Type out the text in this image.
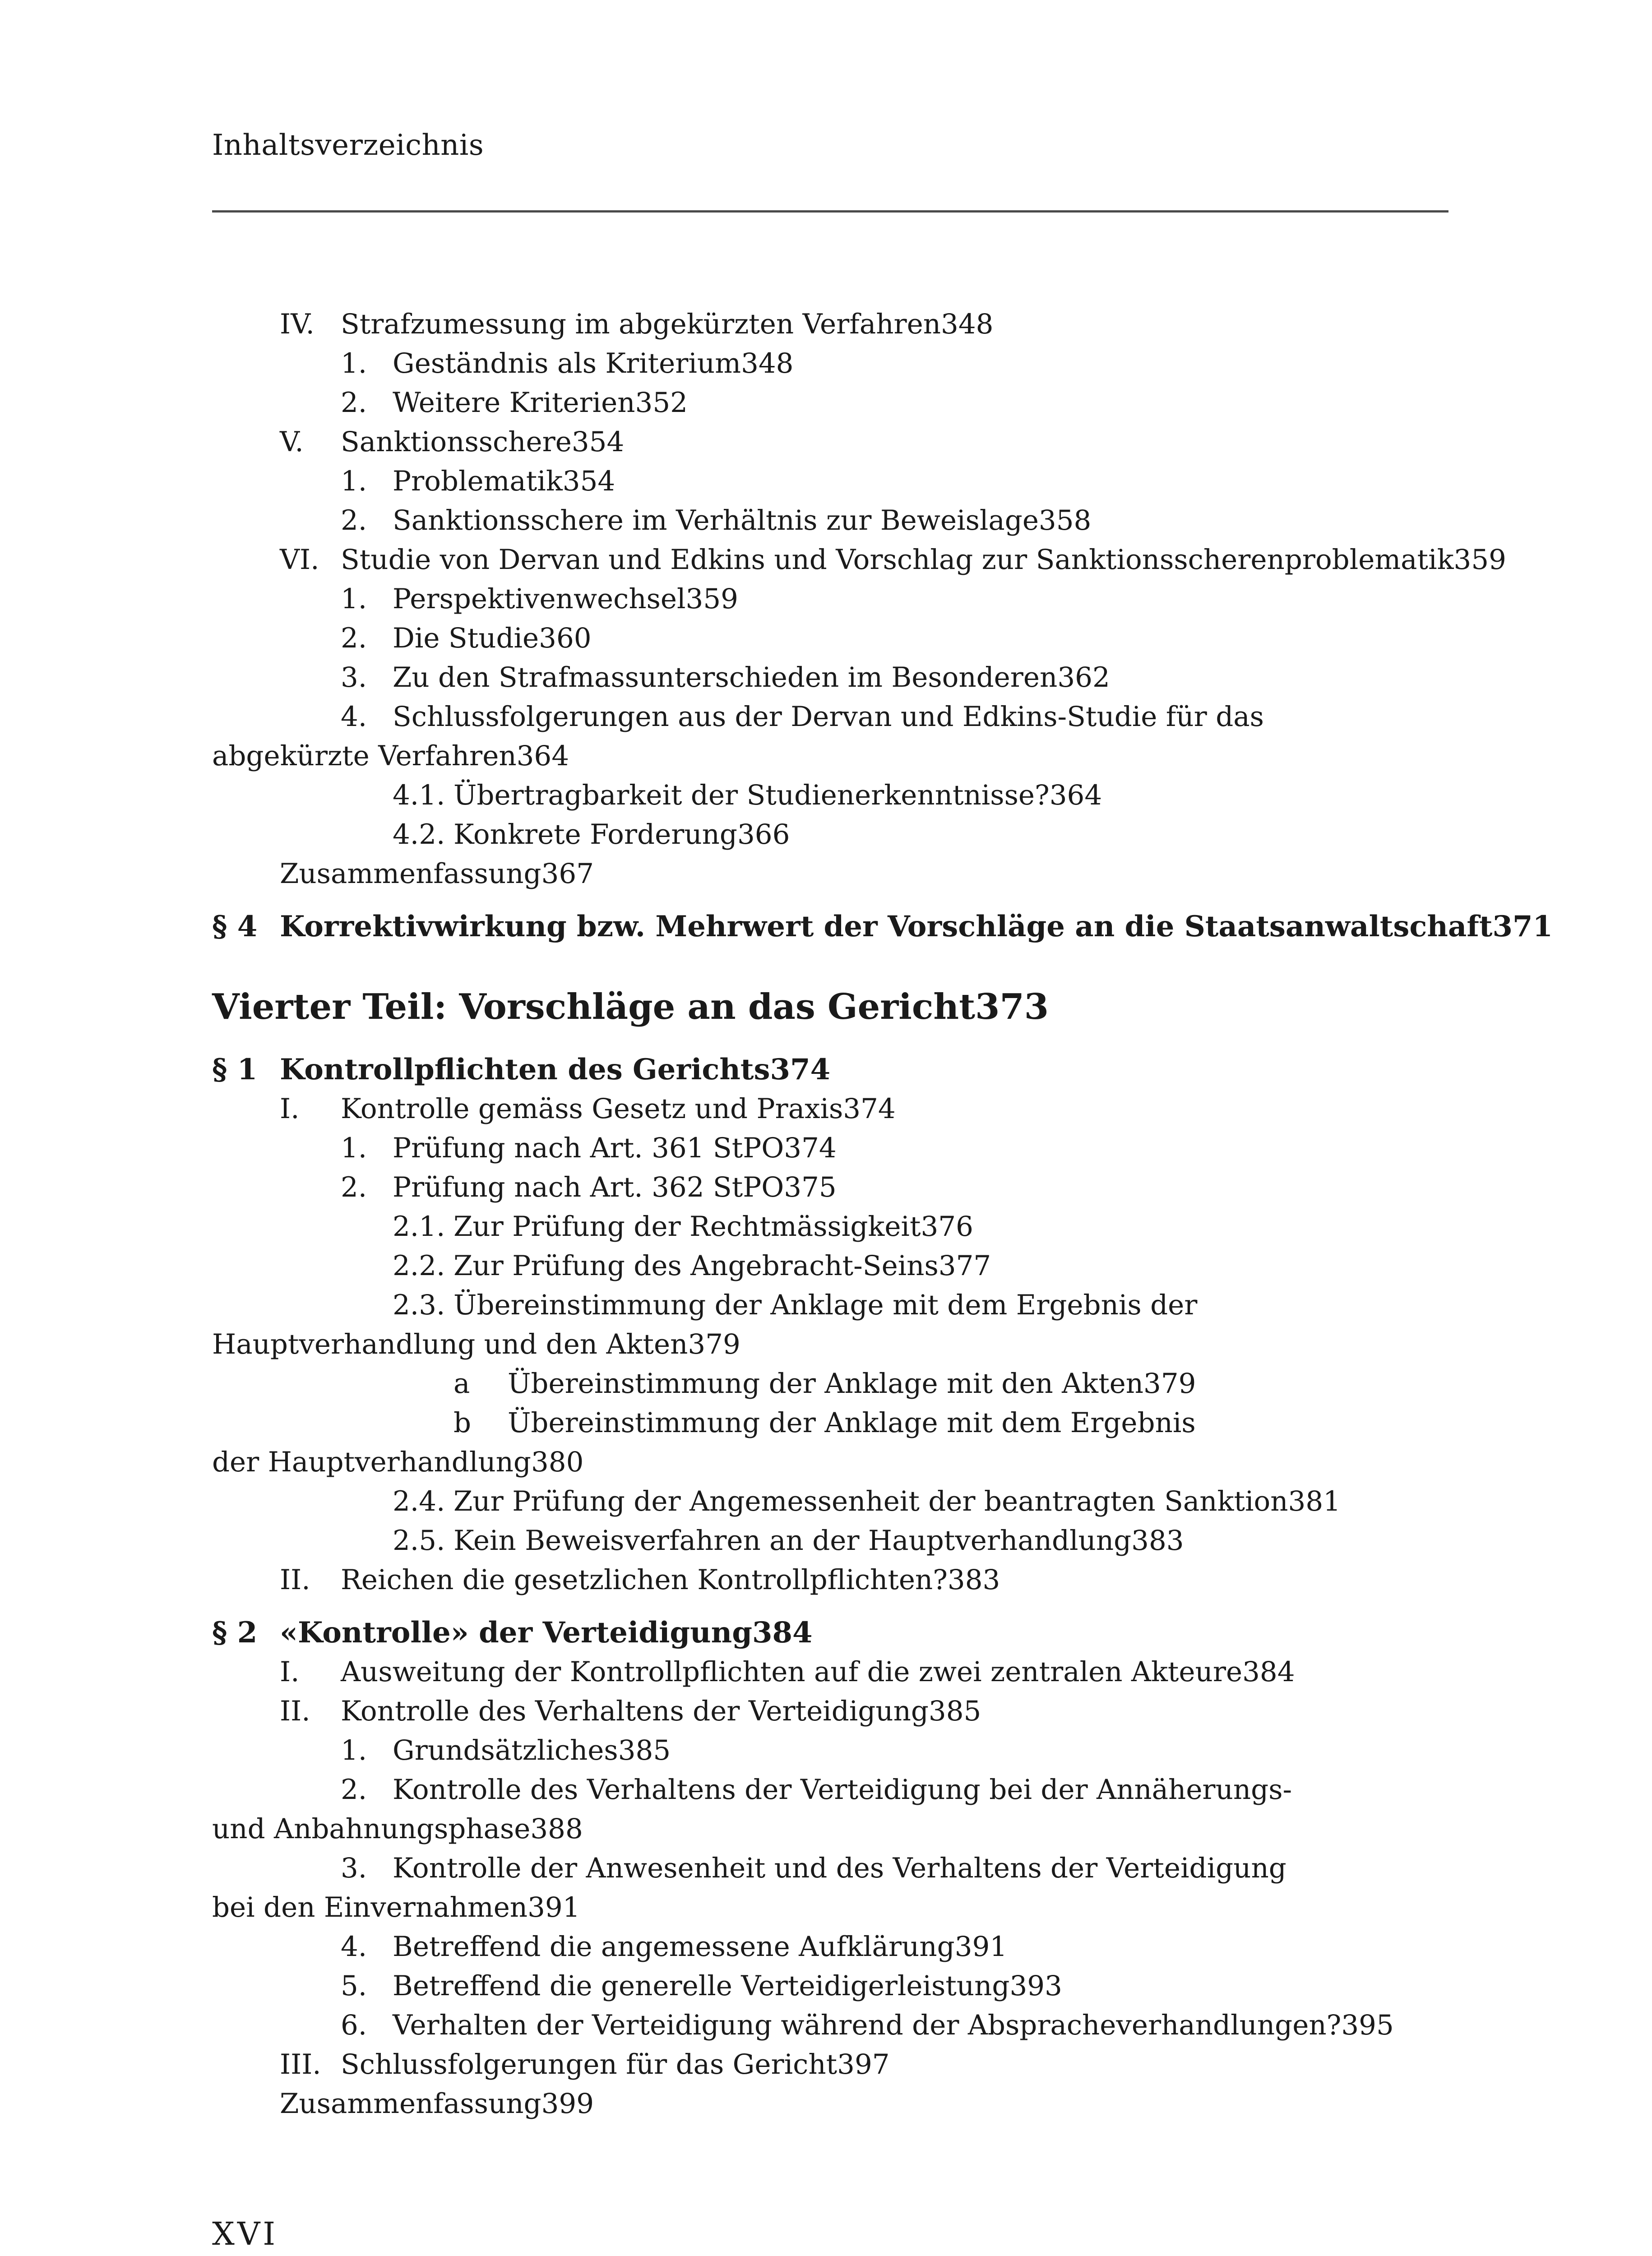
Inhaltsverzeichnis
IV. Strafzumessung im abgekürzten Verfahren 348
1. Geständnis als Kriterium 348
2. Weitere Kriterien 352
V.	Sanktionsschere 354
1. Problematik 354
2. Sanktionsschere im Verhältnis zur Beweislage 358
VI. Studie von Dervan und Edkins und Vorschlag zur Sanktionsscherenproblematik 359
1. Perspektivenwechsel 359
2. Die Studie 360
3. Zu den Strafmassunterschieden im Besonderen 362
4. Schlussfolgerungen aus der Dervan und Edkins-Studie für das
abgekürzte Verfahren 364
4.1. Übertragbarkeit der Studienerkenntnisse? 364
4.2. Konkrete Forderung 366
Zusammenfassung 367
§ 4 Korrektivwirkung bzw. Mehrwert der Vorschläge an die Staatsanwaltschaft 371
Vierter Teil: Vorschläge an das Gericht 373
§ 1 Kontrollpflichten des Gerichts 374
I.	Kontrolle gemäss Gesetz und Praxis 374
1. Prüfung nach Art. 361 StPO 374
2. Prüfung nach Art. 362 StPO 375
2.1. Zur Prüfung der Rechtmässigkeit 376
2.2. Zur Prüfung des Angebracht-Seins 377
2.3. Übereinstimmung der Anklage mit dem Ergebnis der
Hauptverhandlung und den Akten 379
a	Übereinstimmung der Anklage mit den Akten 379
b	Übereinstimmung der Anklage mit dem Ergebnis
der Hauptverhandlung 380
2.4. Zur Prüfung der Angemessenheit der beantragten Sanktion 381
2.5. Kein Beweisverfahren an der Hauptverhandlung 383
II.	Reichen die gesetzlichen Kontrollpflichten? 383
§ 2 «Kontrolle» der Verteidigung 384
I.	Ausweitung der Kontrollpflichten auf die zwei zentralen Akteure 384
II.	Kontrolle des Verhaltens der Verteidigung 385
1. Grundsätzliches 385
2. Kontrolle des Verhaltens der Verteidigung bei der Annäherungs-
und Anbahnungsphase 388
3. Kontrolle der Anwesenheit und des Verhaltens der Verteidigung
bei den Einvernahmen 391
4. Betreffend die angemessene Aufklärung 391
5. Betreffend die generelle Verteidigerleistung 393
6. Verhalten der Verteidigung während der Abspracheverhandlungen? 395
III. Schlussfolgerungen für das Gericht 397
Zusammenfassung 399
XVI
